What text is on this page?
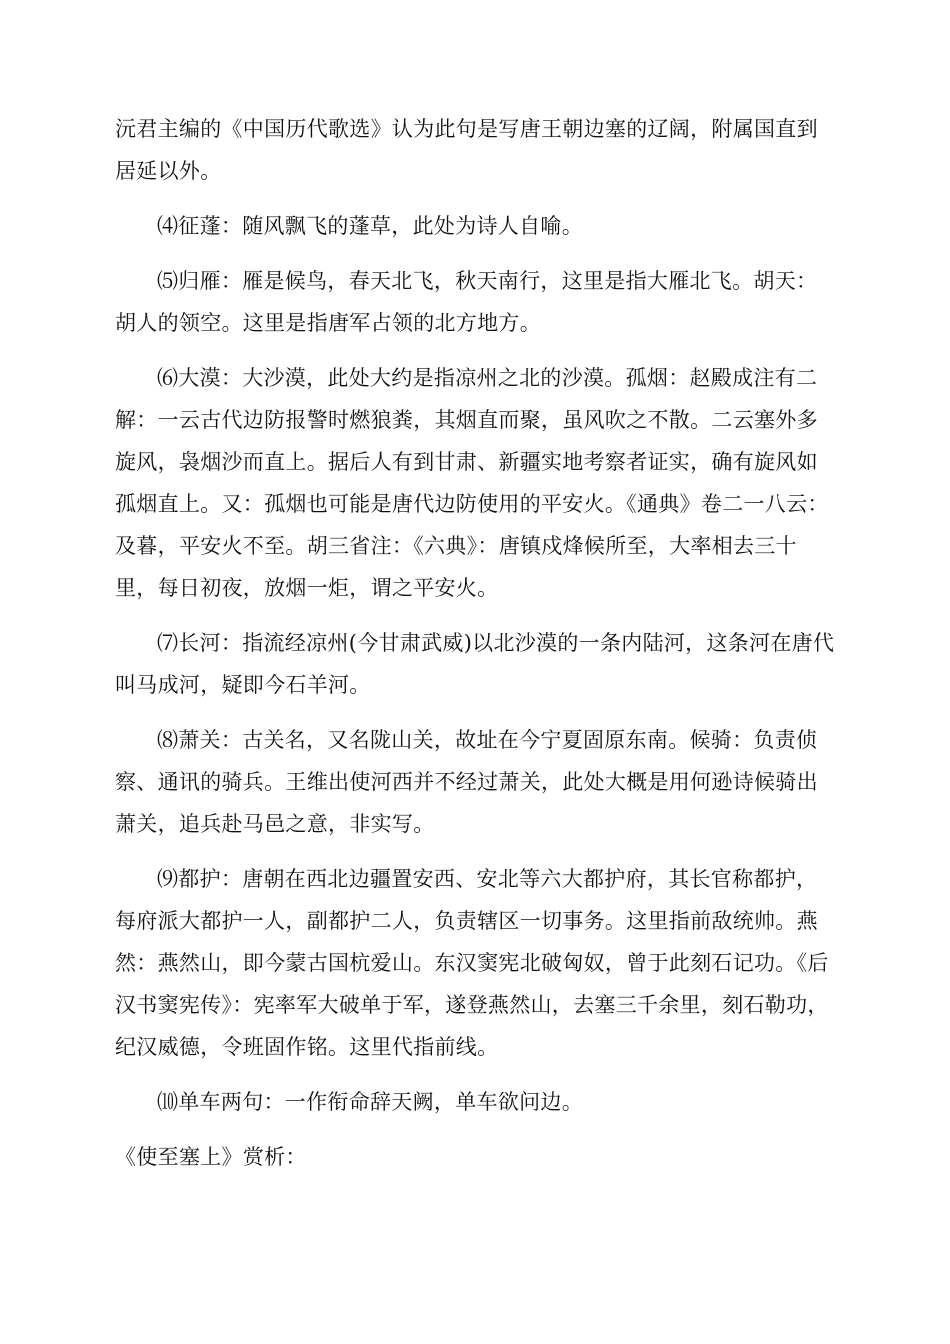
沅君主编的《中国历代歌选》认为此句是写唐王朝边塞的辽阔，附属国直到居延以外。

⑷征蓬：随风飘飞的蓬草，此处为诗人自喻。

⑸归雁：雁是候鸟，春天北飞，秋天南行，这里是指大雁北飞。胡天：胡人的领空。这里是指唐军占领的北方地方。

⑹大漠：大沙漠，此处大约是指凉州之北的沙漠。孤烟：赵殿成注有二解：一云古代边防报警时燃狼粪，其烟直而聚，虽风吹之不散。二云塞外多旋风，袅烟沙而直上。据后人有到甘肃、新疆实地考察者证实，确有旋风如孤烟直上。又：孤烟也可能是唐代边防使用的平安火。《通典》卷二一八云：及暮，平安火不至。胡三省注：《六典》：唐镇戍烽候所至，大率相去三十里，每日初夜，放烟一炬，谓之平安火。

⑺长河：指流经凉州(今甘肃武威)以北沙漠的一条内陆河，这条河在唐代叫马成河，疑即今石羊河。

⑻萧关：古关名，又名陇山关，故址在今宁夏固原东南。候骑：负责侦察、通讯的骑兵。王维出使河西并不经过萧关，此处大概是用何逊诗候骑出萧关，追兵赴马邑之意，非实写。

⑼都护：唐朝在西北边疆置安西、安北等六大都护府，其长官称都护，每府派大都护一人，副都护二人，负责辖区一切事务。这里指前敌统帅。燕然：燕然山，即今蒙古国杭爱山。东汉窦宪北破匈奴，曾于此刻石记功。《后汉书窦宪传》：宪率军大破单于军，遂登燕然山，去塞三千余里，刻石勒功，纪汉威德，令班固作铭。这里代指前线。

⑽单车两句：一作衔命辞天阙，单车欲问边。

《使至塞上》赏析：
